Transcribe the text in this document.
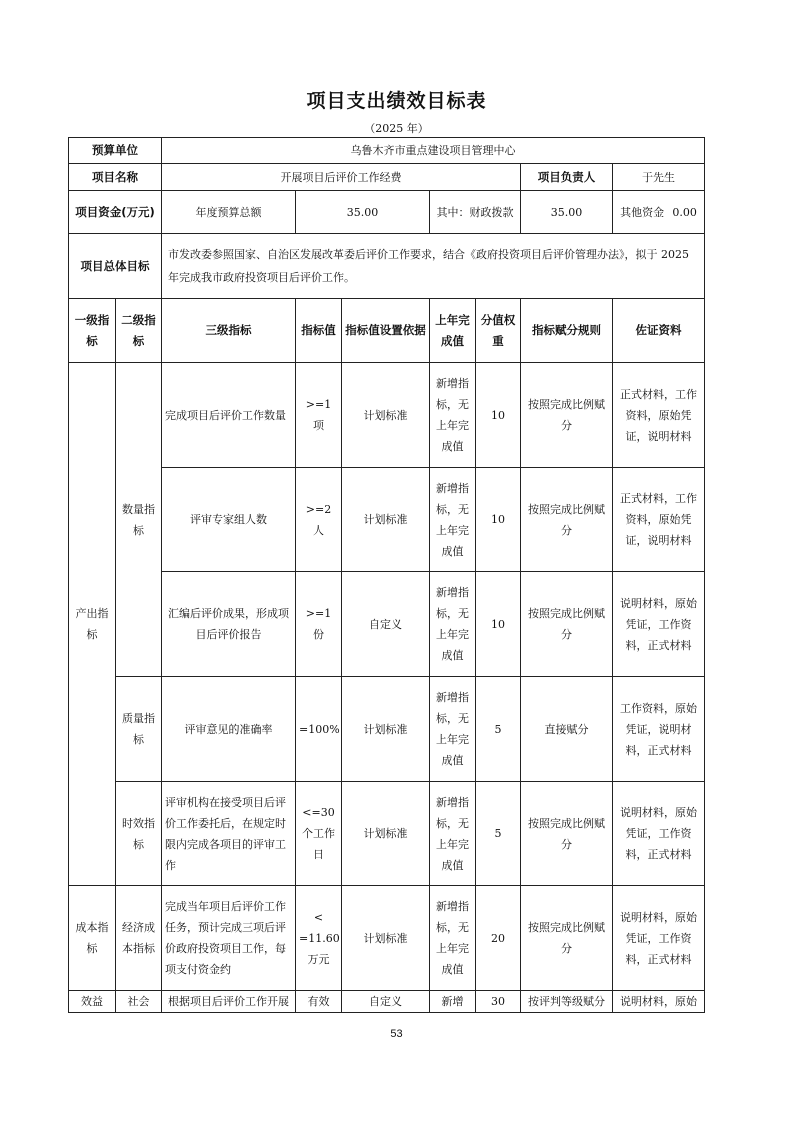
项目支出绩效目标表
（2025 年）
预算单位		乌鲁木齐市重点建设项目管理中心						
项目名称		开展项目后评价工作经费					项目负责人	于先生
项目资金(万元)		年度预算总额	35.00		其中：财政拨款		35.00	其他资金 0.00

项目总体目标		市发改委参照国家、自治区发展改革委后评价工作要求，结合《政府投资项目后评价管理办法》，拟于 2025 年完成我市政府投资项目后评价工作。						
一级指标	二级指标	三级指标	指标值	指标值设置依据	上年完成值	分值权重	指标赋分规则	佐证资料
产出指标	数量指标	完成项目后评价工作数量	>=1 项	计划标准	新增指标，无上年完成值	10	按照完成比例赋分	正式材料，工作资料，原始凭证，说明材料
		评审专家组人数	>=2 人	计划标准	新增指标，无上年完成值	10	按照完成比例赋分	正式材料，工作资料，原始凭证，说明材料
		汇编后评价成果，形成项目后评价报告	>=1 份	自定义	新增指标，无上年完成值	10	按照完成比例赋分	说明材料，原始凭证，工作资料，正式材料
	质量指标	评审意见的准确率	=100%	计划标准	新增指标，无上年完成值	5	直接赋分	工作资料，原始凭证，说明材料，正式材料
	时效指标	评审机构在接受项目后评价工作委托后，在规定时限内完成各项目的评审工作	<=30 个工作日	计划标准	新增指标，无上年完成值	5	按照完成比例赋分	说明材料，原始凭证，工作资料，正式材料
成本指标	经济成本指标	完成当年项目后评价工作任务，预计完成三项后评价政府投资项目工作，每项支付资金约	< =11.60 万元	计划标准	新增指标，无上年完成值	20	按照完成比例赋分	说明材料，原始凭证，工作资料，正式材料
效益	社会	根据项目后评价工作开展	有效	自定义	新增	30	按评判等级赋分	说明材料，原始
53
